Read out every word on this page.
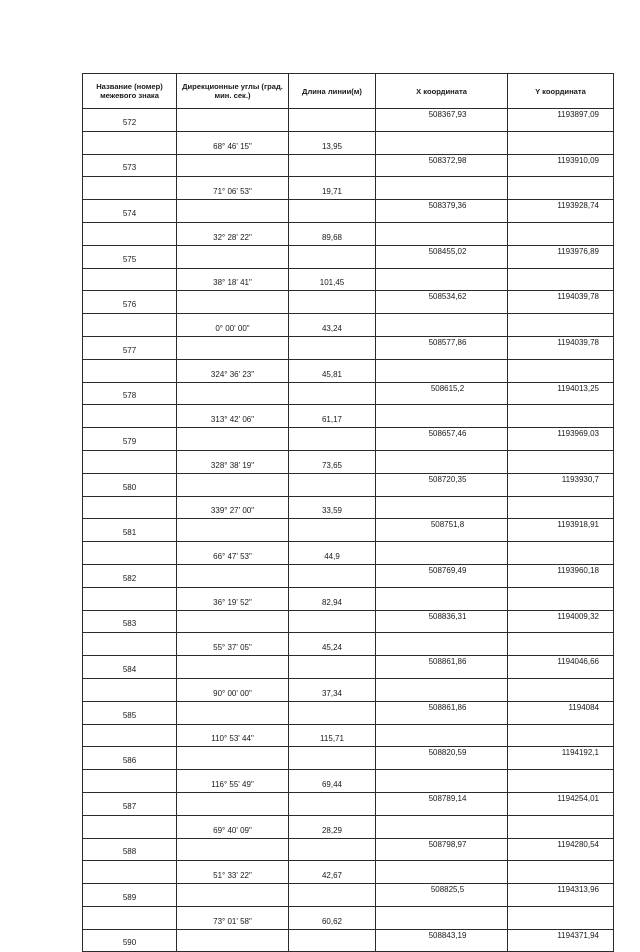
Название (номер) межевого знака	Дирекционные углы (град. мин. сек.)	Длина линии(м)	X координата	Y координата
572			508367,93	1193897,09
	68° 46' 15"	13,95		
573			508372,98	1193910,09
	71° 06' 53"	19,71		
574			508379,36	1193928,74
	32° 28' 22"	89,68		
575			508455,02	1193976,89
	38° 18' 41"	101,45		
576			508534,62	1194039,78
	0° 00' 00"	43,24		
577			508577,86	1194039,78
	324° 36' 23"	45,81		
578			508615,2	1194013,25
	313° 42' 06"	61,17		
579			508657,46	1193969,03
	328° 38' 19"	73,65		
580			508720,35	1193930,7
	339° 27' 00"	33,59		
581			508751,8	1193918,91
	66° 47' 53"	44,9		
582			508769,49	1193960,18
	36° 19' 52"	82,94		
583			508836,31	1194009,32
	55° 37' 05"	45,24		
584			508861,86	1194046,66
	90° 00' 00"	37,34		
585			508861,86	1194084
	110° 53' 44"	115,71		
586			508820,59	1194192,1
	116° 55' 49"	69,44		
587			508789,14	1194254,01
	69° 40' 09"	28,29		
588			508798,97	1194280,54
	51° 33' 22"	42,67		
589			508825,5	1194313,96
	73° 01' 58"	60,62		
590			508843,19	1194371,94
